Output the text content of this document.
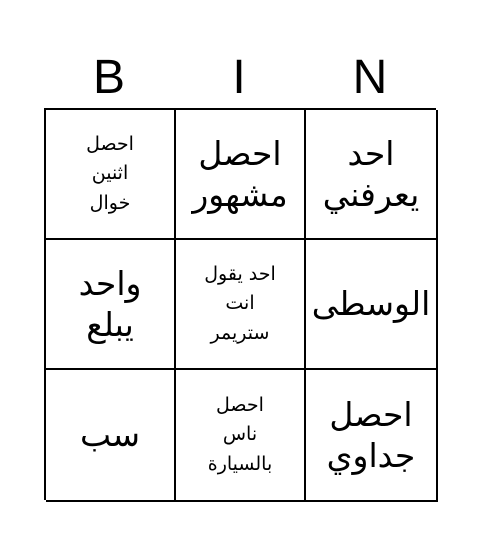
B	I	N
احصل
اثنين
خوال
احصل
مشهور
احد
يعرفني
واحد
يبلع
احد يقول
انت
ستريمر
الوسطى
سب
احصل
ناس
بالسيارة
احصل
جداوي
